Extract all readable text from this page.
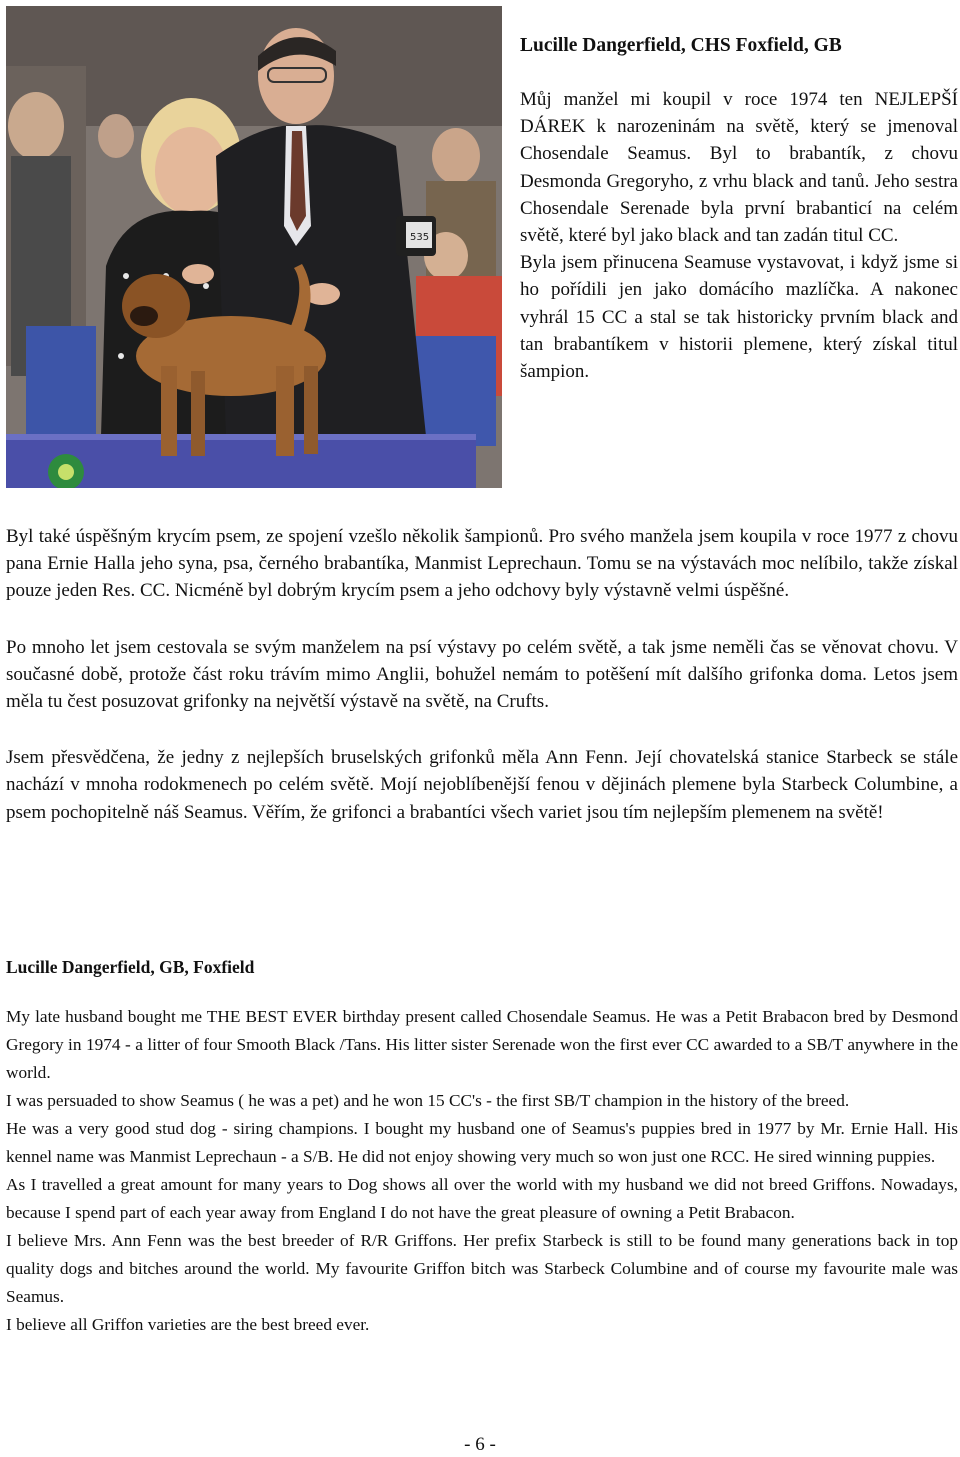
535
Lucille Dangerfield, CHS Foxfield, GB

Můj manžel mi koupil v roce 1974 ten NEJLEPŠÍ DÁREK k narozeninám na světě, který se jmenoval Chosendale Seamus. Byl to brabantík, z chovu Desmonda Gregoryho, z vrhu black and tanů. Jeho sestra Chosendale Serenade byla první brabanticí na celém světě, které byl jako black and tan zadán titul CC.

Byla jsem přinucena Seamuse vystavovat, i když jsme si ho pořídili jen jako domácího mazlíčka. A nakonec vyhrál 15 CC a stal se tak historicky prvním black and tan brabantíkem v historii plemene, který získal titul šampion.

Byl také úspěšným krycím psem, ze spojení vzešlo několik šampionů. Pro svého manžela jsem koupila v roce 1977 z chovu pana Ernie Halla jeho syna, psa, černého brabantíka, Manmist Leprechaun. Tomu se na výstavách moc nelíbilo, takže získal pouze jeden Res. CC. Nicméně byl dobrým krycím psem a jeho odchovy byly výstavně velmi úspěšné.

Po mnoho let jsem cestovala se svým manželem na psí výstavy po celém světě, a tak jsme neměli čas se věnovat chovu. V současné době, protože část roku trávím mimo Anglii, bohužel nemám to potěšení mít dalšího grifonka doma. Letos jsem měla tu čest posuzovat grifonky na největší výstavě na světě, na Crufts.

Jsem přesvědčena, že jedny z nejlepších bruselských grifonků měla Ann Fenn. Její chovatelská stanice Starbeck se stále nachází v mnoha rodokmenech po celém světě. Mojí nejoblíbenější fenou v dějinách plemene byla Starbeck Columbine, a psem pochopitelně náš Seamus. Věřím, že grifonci a brabantíci všech variet jsou tím nejlepším plemenem na světě!

Lucille Dangerfield, GB, Foxfield

My late husband bought me THE BEST EVER birthday present called Chosendale Seamus. He was a Petit Brabacon bred by Desmond Gregory in 1974 - a litter of four Smooth Black /Tans. His litter sister Serenade won the first ever CC awarded to a SB/T anywhere in the world.

I was persuaded to show Seamus ( he was a pet) and he won 15 CC's - the first SB/T champion in the history of the breed.

He was a very good stud dog - siring champions. I bought my husband one of Seamus's puppies bred in 1977 by Mr. Ernie Hall. His kennel name was Manmist Leprechaun - a S/B. He did not enjoy showing very much so won just one RCC. He sired winning puppies.

As I travelled a great amount for many years to Dog shows all over the world with my husband we did not breed Griffons. Nowadays, because I spend part of each year away from England I do not have the great pleasure of owning a Petit Brabacon.

I believe Mrs. Ann Fenn was the best breeder of R/R Griffons. Her prefix Starbeck is still to be found many generations back in top quality dogs and bitches around the world. My favourite Griffon bitch was Starbeck Columbine and of course my favourite male was Seamus.

I believe all Griffon varieties are the best breed ever.

- 6 -
